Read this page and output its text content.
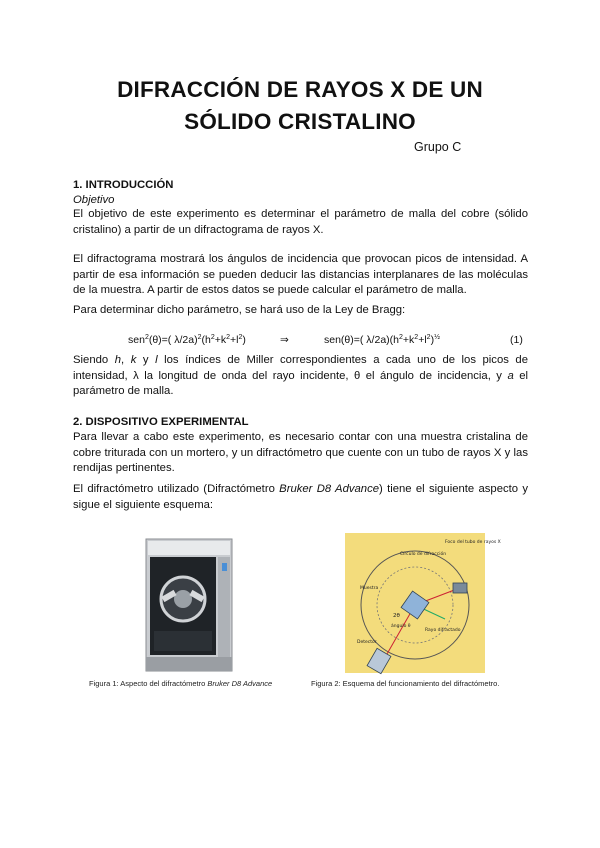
DIFRACCIÓN DE RAYOS X DE UN
SÓLIDO CRISTALINO
Grupo C
1. INTRODUCCIÓN
Objetivo
El objetivo de este experimento es determinar el parámetro de malla del cobre (sólido cristalino) a partir de un difractograma de rayos X.
El difractograma mostrará los ángulos de incidencia que provocan picos de intensidad. A partir de esa información se pueden deducir las distancias interplanares de las moléculas de la muestra. A partir de estos datos se puede calcular el parámetro de malla.
Para determinar dicho parámetro, se hará uso de la Ley de Bragg:
sen$^2$(θ)=( $\lambda/2a)^2(h^2+k^2+l^2)$	⇒	sen(θ)=( $\lambda/2a)(h^2+k^2+l^2)^{\frac{1}{2}}$	(1)
Siendo h, k y l los índices de Miller correspondientes a cada uno de los picos de intensidad, λ la longitud de onda del rayo incidente, θ el ángulo de incidencia, y a el parámetro de malla.
2. DISPOSITIVO EXPERIMENTAL
Para llevar a cabo este experimento, es necesario contar con una muestra cristalina de cobre triturada con un mortero, y un difractómetro que cuente con un tubo de rayos X y las rendijas pertinentes.
El difractómetro utilizado (Difractómetro Bruker D8 Advance) tiene el siguiente aspecto y sigue el siguiente esquema:
Figura 1: Aspecto del difractómetro Bruker D8 Advance
Foco del tubo de rayos X
Círculo de difracción
Muestra
2θ
ángulo θ
Rayo difractado
Detector
Figura 2: Esquema del funcionamiento del difractómetro.
